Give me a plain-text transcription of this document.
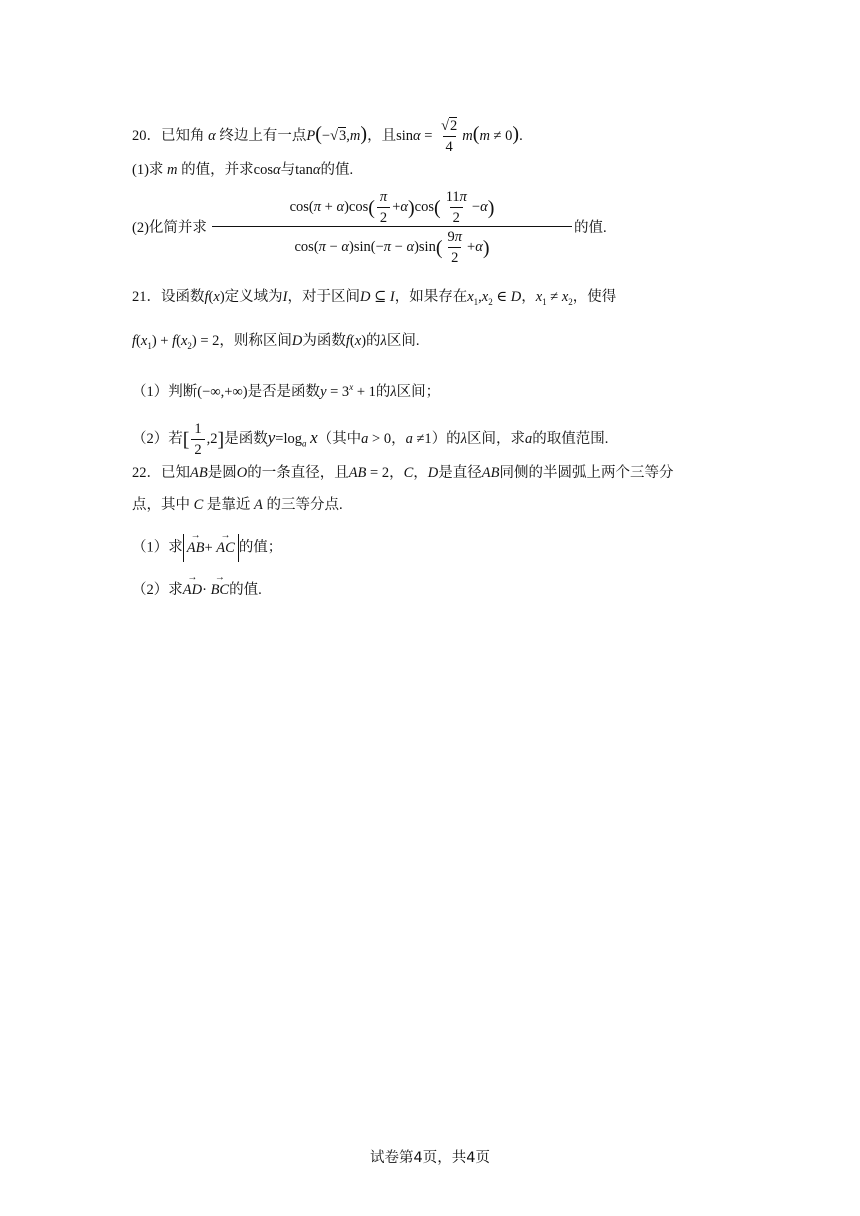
20．已知角 α 终边上有一点P(−√3,m)，且$\sin\alpha = \frac{√2}{4} m(m \ne 0)$.
(1)求 m 的值，并求cosα与tanα的值.
(2)化简并求
$\cos(\pi + \alpha)\cos( \frac{\pi}{2} +\alpha)\cos( \frac{11\pi}{2} -\alpha)$
$\cos(\pi - \alpha)\sin(-\pi - \alpha)\sin( \frac{9\pi}{2} +\alpha)$
的值.
21．设函数f(x)定义域为I，对于区间D ⊆ I，如果存在$x_1,x_2$ ∈ D，$x_1 \ne x_2$，使得
$f(x_1) + f(x_2) = 2$，则称区间D为函数f(x)的λ区间.
（1）判断(−∞,+∞)是否是函数$y = 3^x + 1$的λ区间；
（2）若[ $\frac{1}{2} ,2$]是函数$y=\log_a$ x（其中a > 0，a ≠1）的λ区间，求a的取值范围.
22．已知AB是圆O的一条直径，且AB = 2，C，D是直径AB同侧的半圆弧上两个三等分
点，其中 C 是靠近 A 的三等分点.
（1）求→ AB+ → AC 的值；
（2）求→ AD· → BC的值.
试卷第4页，共4页
